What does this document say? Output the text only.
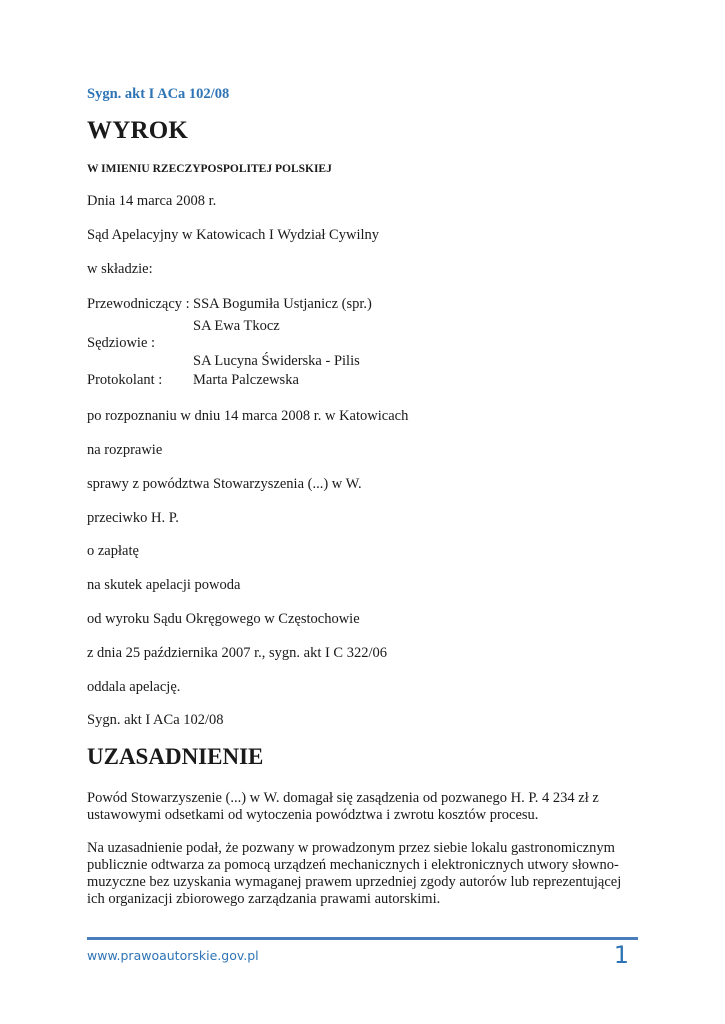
Sygn. akt I ACa 102/08
WYROK
W IMIENIU RZECZYPOSPOLITEJ POLSKIEJ
Dnia 14 marca 2008 r.
Sąd Apelacyjny w Katowicach I Wydział Cywilny
w składzie:
Przewodniczący : SSA Bogumiła Ustjanicz (spr.)
SA Ewa Tkocz
Sędziowie :
SA Lucyna Świderska - Pilis
Protokolant : Marta Palczewska
po rozpoznaniu w dniu 14 marca 2008 r. w Katowicach
na rozprawie
sprawy z powództwa Stowarzyszenia (...) w W.
przeciwko H. P.
o zapłatę
na skutek apelacji powoda
od wyroku Sądu Okręgowego w Częstochowie
z dnia 25 października 2007 r., sygn. akt I C 322/06
oddala apelację.
Sygn. akt I ACa 102/08
UZASADNIENIE
Powód Stowarzyszenie (...) w W. domagał się zasądzenia od pozwanego H. P. 4 234 zł z ustawowymi odsetkami od wytoczenia powództwa i zwrotu kosztów procesu.
Na uzasadnienie podał, że pozwany w prowadzonym przez siebie lokalu gastronomicznym publicznie odtwarza za pomocą urządzeń mechanicznych i elektronicznych utwory słowno-muzyczne bez uzyskania wymaganej prawem uprzedniej zgody autorów lub reprezentującej ich organizacji zbiorowego zarządzania prawami autorskimi.
www.prawoautorskie.gov.pl	1
